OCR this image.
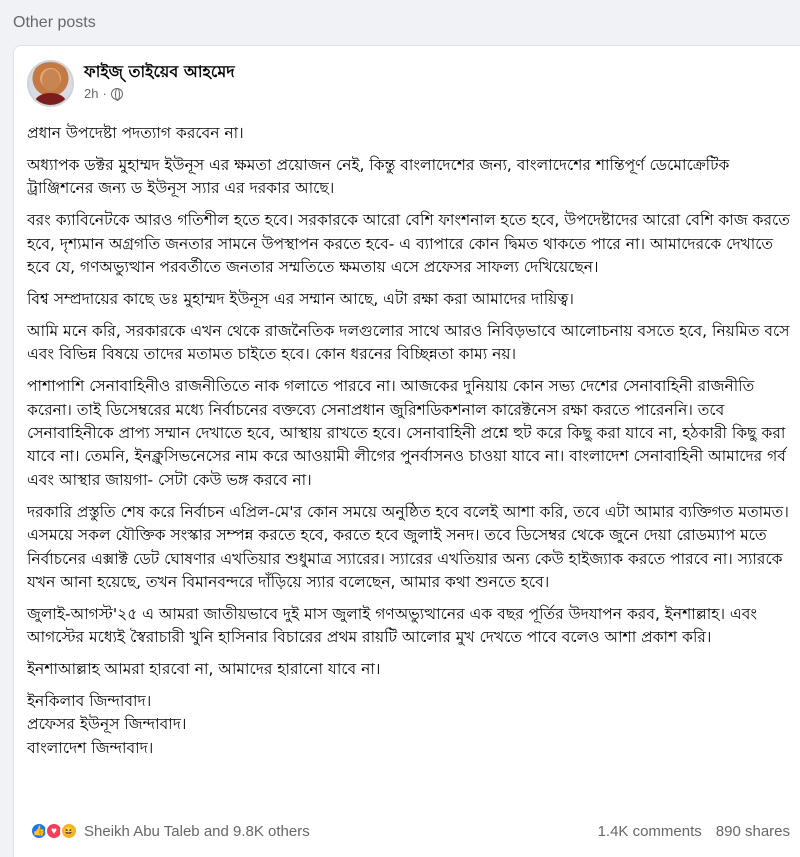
Other posts
ফাইজ্‌ তাইয়েব আহমেদ
2h ·

প্রধান উপদেষ্টা পদত্যাগ করবেন না।

অধ্যাপক ডক্টর মুহাম্মদ ইউনূস এর ক্ষমতা প্রয়োজন নেই, কিন্তু বাংলাদেশের জন্য, বাংলাদেশের শান্তিপূর্ণ ডেমোক্রেটিক ট্রাঞ্জিশনের জন্য ড ইউনূস স্যার এর দরকার আছে।

বরং ক্যাবিনেটকে আরও গতিশীল হতে হবে। সরকারকে আরো বেশি ফাংশনাল হতে হবে, উপদেষ্টাদের আরো বেশি কাজ করতে হবে, দৃশ্যমান অগ্রগতি জনতার সামনে উপস্থাপন করতে হবে- এ ব্যাপারে কোন দ্বিমত থাকতে পারে না। আমাদেরকে দেখাতে হবে যে, গণঅভ্যুত্থান পরবর্তীতে জনতার সম্মতিতে ক্ষমতায় এসে প্রফেসর সাফল্য দেখিয়েছেন।

বিশ্ব সম্প্রদায়ের কাছে ডঃ মুহাম্মদ ইউনূস এর সম্মান আছে, এটা রক্ষা করা আমাদের দায়িত্ব।

আমি মনে করি, সরকারকে এখন থেকে রাজনৈতিক দলগুলোর সাথে আরও নিবিড়ভাবে আলোচনায় বসতে হবে, নিয়মিত বসে এবং বিভিন্ন বিষয়ে তাদের মতামত চাইতে হবে। কোন ধরনের বিচ্ছিন্নতা কাম্য নয়।

পাশাপাশি সেনাবাহিনীও রাজনীতিতে নাক গলাতে পারবে না। আজকের দুনিয়ায় কোন সভ্য দেশের সেনাবাহিনী রাজনীতি করেনা। তাই ডিসেম্বরের মধ্যে নির্বাচনের বক্তব্যে সেনাপ্রধান জুরিশডিকশনাল কারেক্টনেস রক্ষা করতে পারেননি। তবে সেনাবাহিনীকে প্রাপ্য সম্মান দেখাতে হবে, আস্থায় রাখতে হবে। সেনাবাহিনী প্রশ্নে হুট করে কিছু করা যাবে না, হঠকারী কিছু করা যাবে না। তেমনি, ইনক্লুসিভনেসের নাম করে আওয়ামী লীগের পুনর্বাসনও চাওয়া যাবে না। বাংলাদেশ সেনাবাহিনী আমাদের গর্ব এবং আস্থার জায়গা- সেটা কেউ ভঙ্গ করবে না।

দরকারি প্রস্তুতি শেষ করে নির্বাচন এপ্রিল-মে'র কোন সময়ে অনুষ্ঠিত হবে বলেই আশা করি, তবে এটা আমার ব্যক্তিগত মতামত। এসময়ে সকল যৌক্তিক সংস্কার সম্পন্ন করতে হবে, করতে হবে জুলাই সনদ। তবে ডিসেম্বর থেকে জুনে দেয়া রোডম্যাপ মতে নির্বাচনের এক্সাক্ট ডেট ঘোষণার এখতিয়ার শুধুমাত্র স্যারের। স্যারের এখতিয়ার অন্য কেউ হাইজ্যাক করতে পারবে না। স্যারকে যখন আনা হয়েছে, তখন বিমানবন্দরে দাঁড়িয়ে স্যার বলেছেন, আমার কথা শুনতে হবে।

জুলাই-আগস্ট'২৫ এ আমরা জাতীয়ভাবে দুই মাস জুলাই গণঅভ্যুত্থানের এক বছর পূর্তির উদযাপন করব, ইনশাল্লাহ। এবং আগস্টের মধ্যেই স্বৈরাচারী খুনি হাসিনার বিচারের প্রথম রায়টি আলোর মুখ দেখতে পাবে বলেও আশা প্রকাশ করি।

ইনশাআল্লাহ আমরা হারবো না, আমাদের হারানো যাবে না।

ইনকিলাব জিন্দাবাদ।
প্রফেসর ইউনূস জিন্দাবাদ।
বাংলাদেশ জিন্দাবাদ।

👍 ♥ 😆 Sheikh Abu Taleb and 9.8K others	1.4K comments 890 shares
